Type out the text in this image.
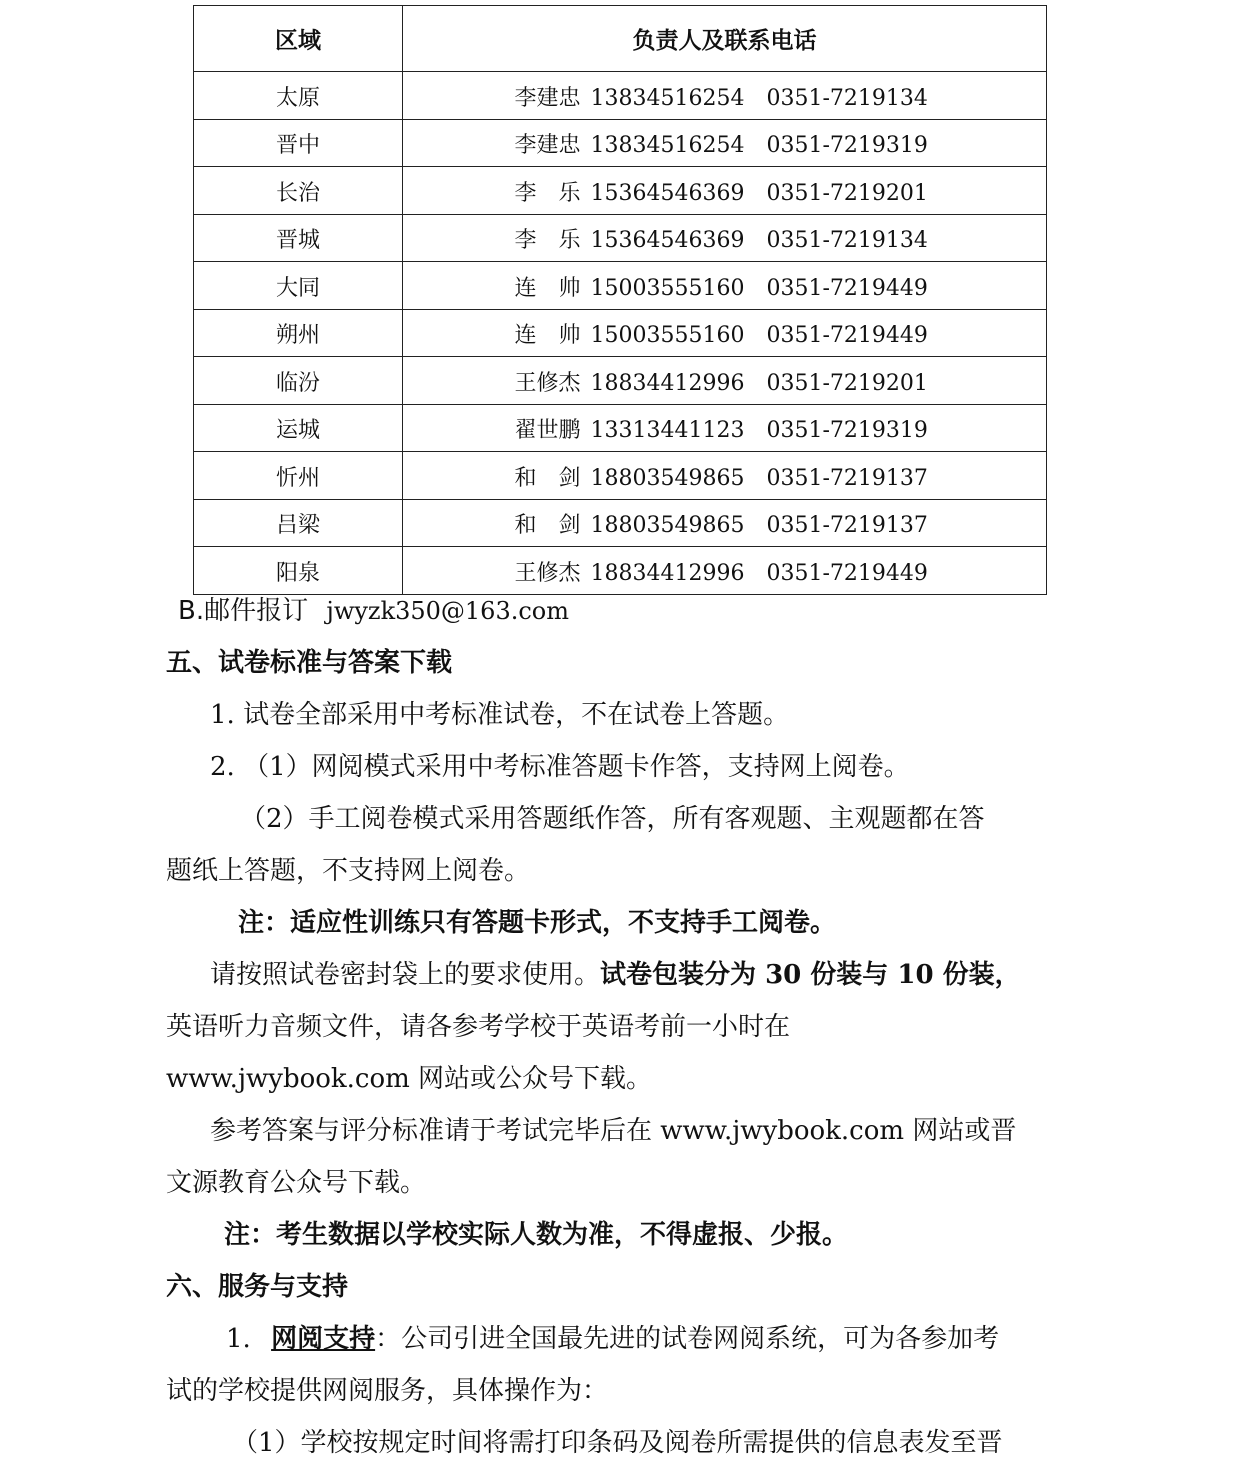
区域	负责人及联系电话
太原	李建忠 13834516254 0351-7219134
晋中	李建忠 13834516254 0351-7219319
长治	李　乐 15364546369 0351-7219201
晋城	李　乐 15364546369 0351-7219134
大同	连　帅 15003555160 0351-7219449
朔州	连　帅 15003555160 0351-7219449
临汾	王修杰 18834412996 0351-7219201
运城	翟世鹏 13313441123 0351-7219319
忻州	和　剑 18803549865 0351-7219137
吕梁	和　剑 18803549865 0351-7219137
阳泉	王修杰 18834412996 0351-7219449
B.邮件报订 jwyzk350@163.com
五、试卷标准与答案下载
1. 试卷全部采用中考标准试卷，不在试卷上答题。
2. （1）网阅模式采用中考标准答题卡作答，支持网上阅卷。
（2）手工阅卷模式采用答题纸作答，所有客观题、主观题都在答
题纸上答题，不支持网上阅卷。
注：适应性训练只有答题卡形式，不支持手工阅卷。
请按照试卷密封袋上的要求使用。试卷包装分为 30 份装与 10 份装，
英语听力音频文件，请各参考学校于英语考前一小时在
www.jwybook.com 网站或公众号下载。
参考答案与评分标准请于考试完毕后在 www.jwybook.com 网站或晋
文源教育公众号下载。
注：考生数据以学校实际人数为准，不得虚报、少报。
六、服务与支持
1. 网阅支持：公司引进全国最先进的试卷网阅系统，可为各参加考
试的学校提供网阅服务，具体操作为：
（1）学校按规定时间将需打印条码及阅卷所需提供的信息表发至晋
